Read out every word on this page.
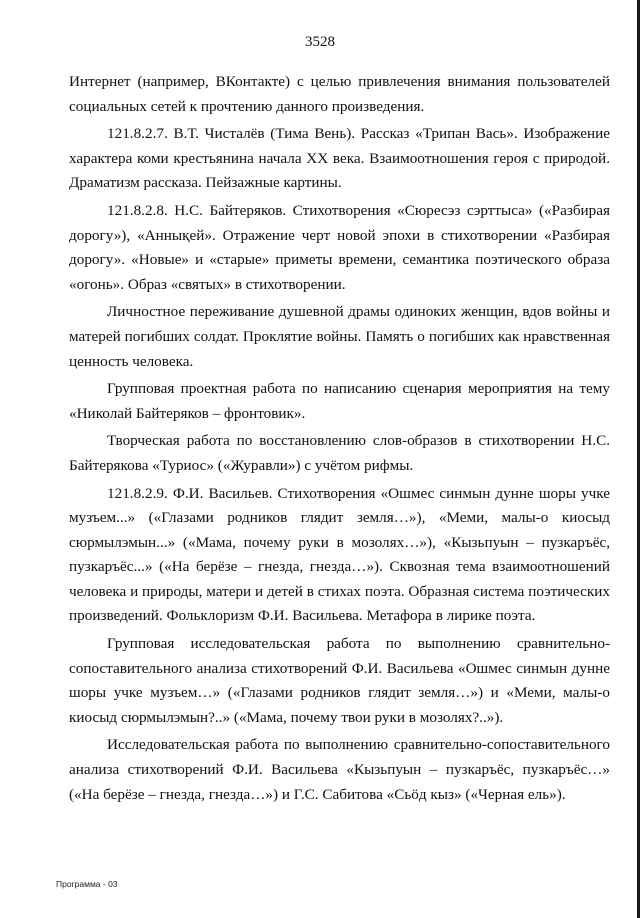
3528

Интернет (например, ВКонтакте) с целью привлечения внимания пользователей социальных сетей к прочтению данного произведения.

121.8.2.7. В.Т. Чисталёв (Тима Вень). Рассказ «Трипан Вась». Изображение характера коми крестьянина начала XX века. Взаимоотношения героя с природой. Драматизм рассказа. Пейзажные картины.

121.8.2.8. Н.С. Байтеряков. Стихотворения «Сюресэз сэрттыса» («Разбирая дорогу»), «Аннықей». Отражение черт новой эпохи в стихотворении «Разбирая дорогу». «Новые» и «старые» приметы времени, семантика поэтического образа «огонь». Образ «святых» в стихотворении.

Личностное переживание душевной драмы одиноких женщин, вдов войны и матерей погибших солдат. Проклятие войны. Память о погибших как нравственная ценность человека.

Групповая проектная работа по написанию сценария мероприятия на тему «Николай Байтеряков – фронтовик».

Творческая работа по восстановлению слов-образов в стихотворении Н.С. Байтерякова «Туриос» («Журавли») с учётом рифмы.

121.8.2.9. Ф.И. Васильев. Стихотворения «Ошмес синмын дунне шоры учке музъем...» («Глазами родников глядит земля…»), «Меми, малы-о киосыд сюрмылэмын...» («Мама, почему руки в мозолях…»), «Кызьпуын – пузкаръёс, пузкаръёс...» («На берёзе – гнезда, гнезда…»). Сквозная тема взаимоотношений человека и природы, матери и детей в стихах поэта. Образная система поэтических произведений. Фольклоризм Ф.И. Васильева. Метафора в лирике поэта.

Групповая исследовательская работа по выполнению сравнительно-сопоставительного анализа стихотворений Ф.И. Васильева «Ошмес синмын дунне шоры учке музъем…» («Глазами родников глядит земля…») и «Меми, малы-о киосыд сюрмылэмын?..» («Мама, почему твои руки в мозолях?..»).

Исследовательская работа по выполнению сравнительно-сопоставительного анализа стихотворений Ф.И. Васильева «Кызьпуын – пузкаръёс, пузкаръёс…» («На берёзе – гнезда, гнезда…») и Г.С. Сабитова «Сьӧд кыз» («Черная ель»).

Программа - 03
